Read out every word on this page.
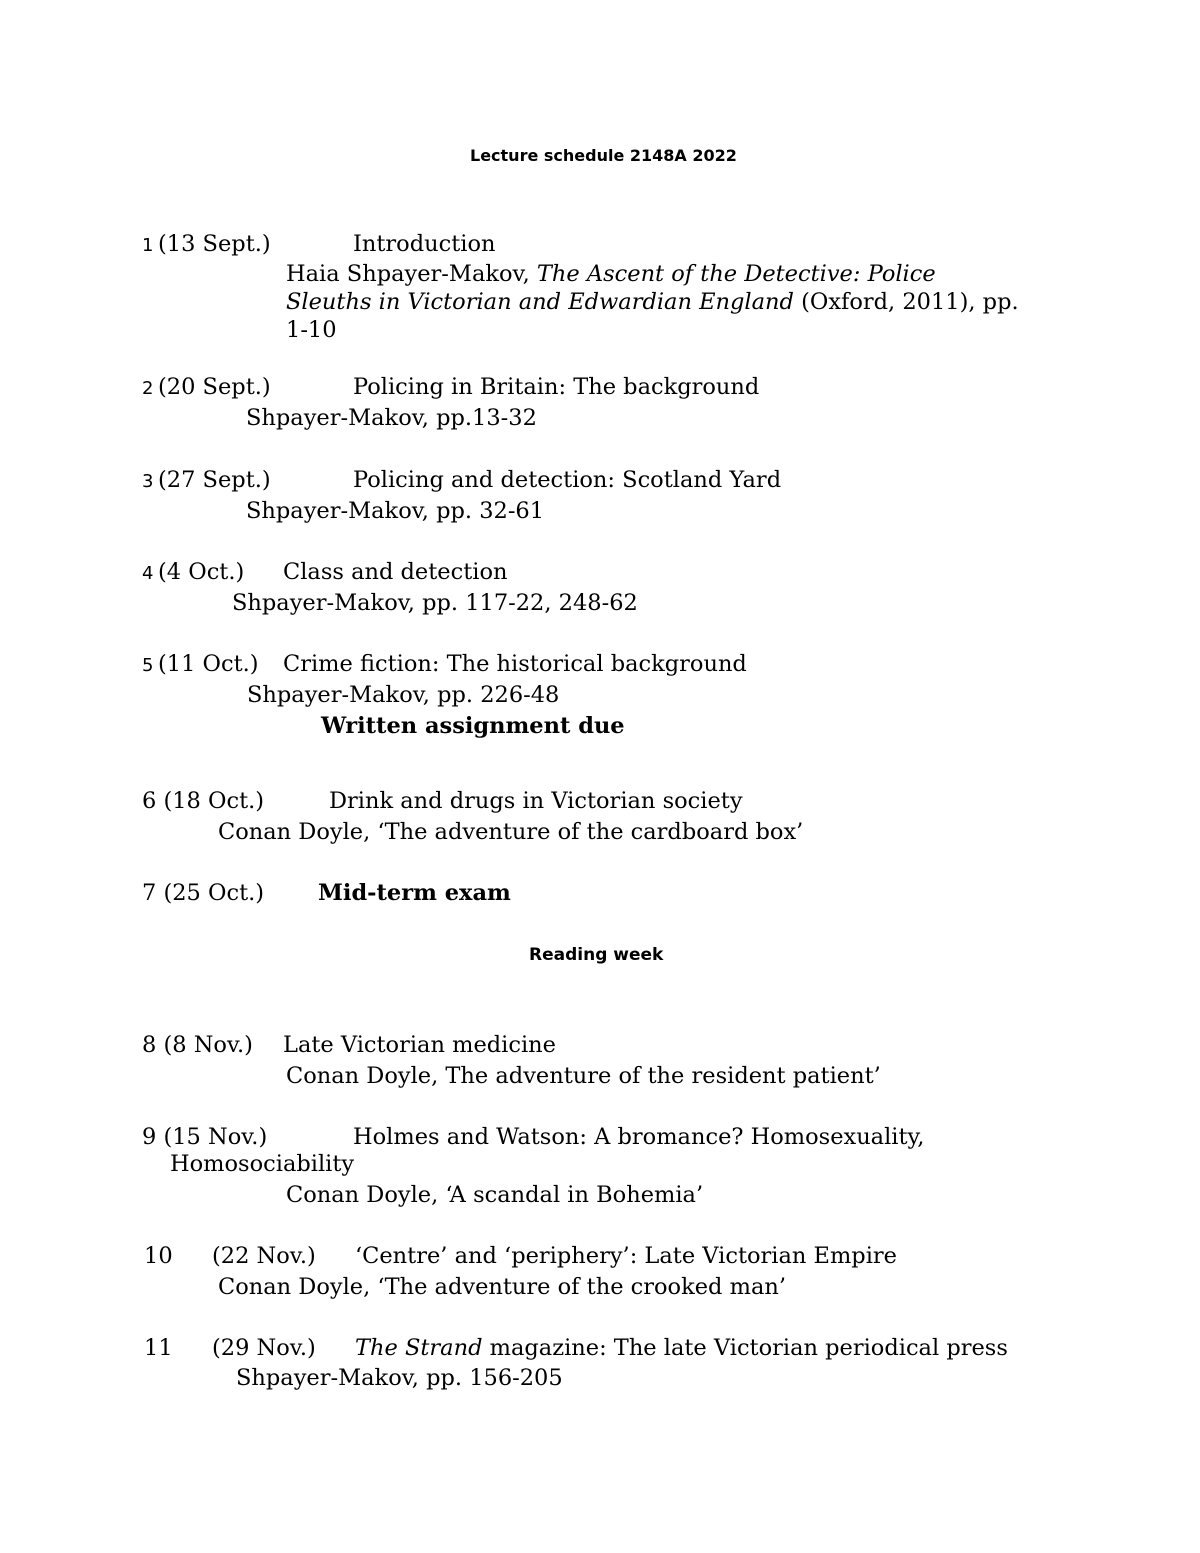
Lecture schedule 2148A 2022
1 (13 Sept.)	Introduction
Haia Shpayer-Makov, The Ascent of the Detective: Police
Sleuths in Victorian and Edwardian England (Oxford, 2011), pp.
1-10
2 (20 Sept.)	Policing in Britain: The background
Shpayer-Makov, pp.13-32
3 (27 Sept.)	Policing and detection: Scotland Yard
Shpayer-Makov, pp. 32-61
4 (4 Oct.) Class and detection
Shpayer-Makov, pp. 117-22, 248-62
5 (11 Oct.) Crime fiction: The historical background
Shpayer-Makov, pp. 226-48
Written assignment due
6 (18 Oct.)	Drink and drugs in Victorian society
Conan Doyle, ‘The adventure of the cardboard box’
7 (25 Oct.) Mid-term exam
Reading week
8 (8 Nov.) Late Victorian medicine
Conan Doyle, The adventure of the resident patient’
9 (15 Nov.)	Holmes and Watson: A bromance? Homosexuality,
Homosociability
Conan Doyle, ‘A scandal in Bohemia’
10 (22 Nov.) ‘Centre’ and ‘periphery’: Late Victorian Empire
Conan Doyle, ‘The adventure of the crooked man’
11 (29 Nov.) The Strand magazine: The late Victorian periodical press
Shpayer-Makov, pp. 156-205
